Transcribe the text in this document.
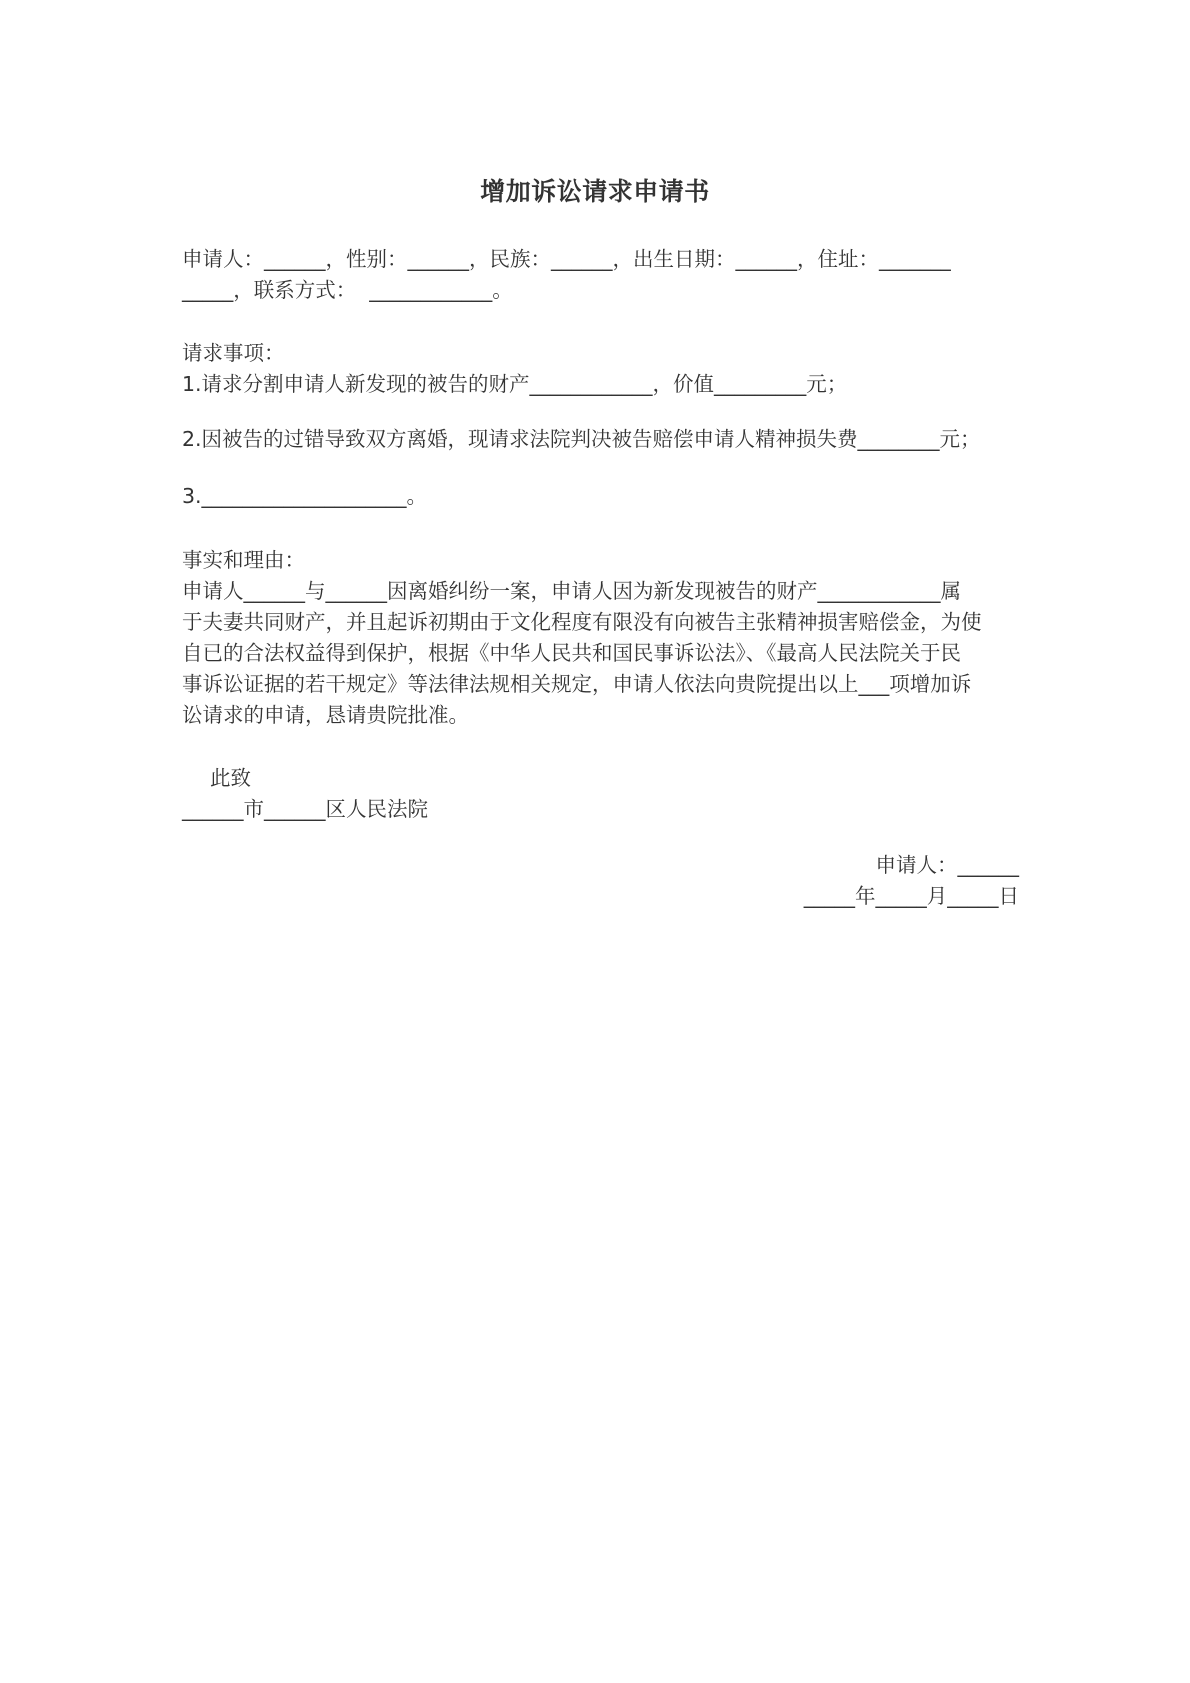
增加诉讼请求申请书
申请人：______，性别：______，民族：______，出生日期：______，住址：_______
_____，联系方式：  ____________。
请求事项：
1.请求分割申请人新发现的被告的财产____________，价值_________元；
2.因被告的过错导致双方离婚，现请求法院判决被告赔偿申请人精神损失费________元；
3.____________________。
事实和理由：
申请人______与______因离婚纠纷一案，申请人因为新发现被告的财产____________属
于夫妻共同财产，并且起诉初期由于文化程度有限没有向被告主张精神损害赔偿金，为使
自已的合法权益得到保护，根据《中华人民共和国民事诉讼法》、《最高人民法院关于民
事诉讼证据的若干规定》等法律法规相关规定，申请人依法向贵院提出以上___项增加诉
讼请求的申请，恳请贵院批准。
此致
______市______区人民法院
申请人：______
_____年_____月_____日
